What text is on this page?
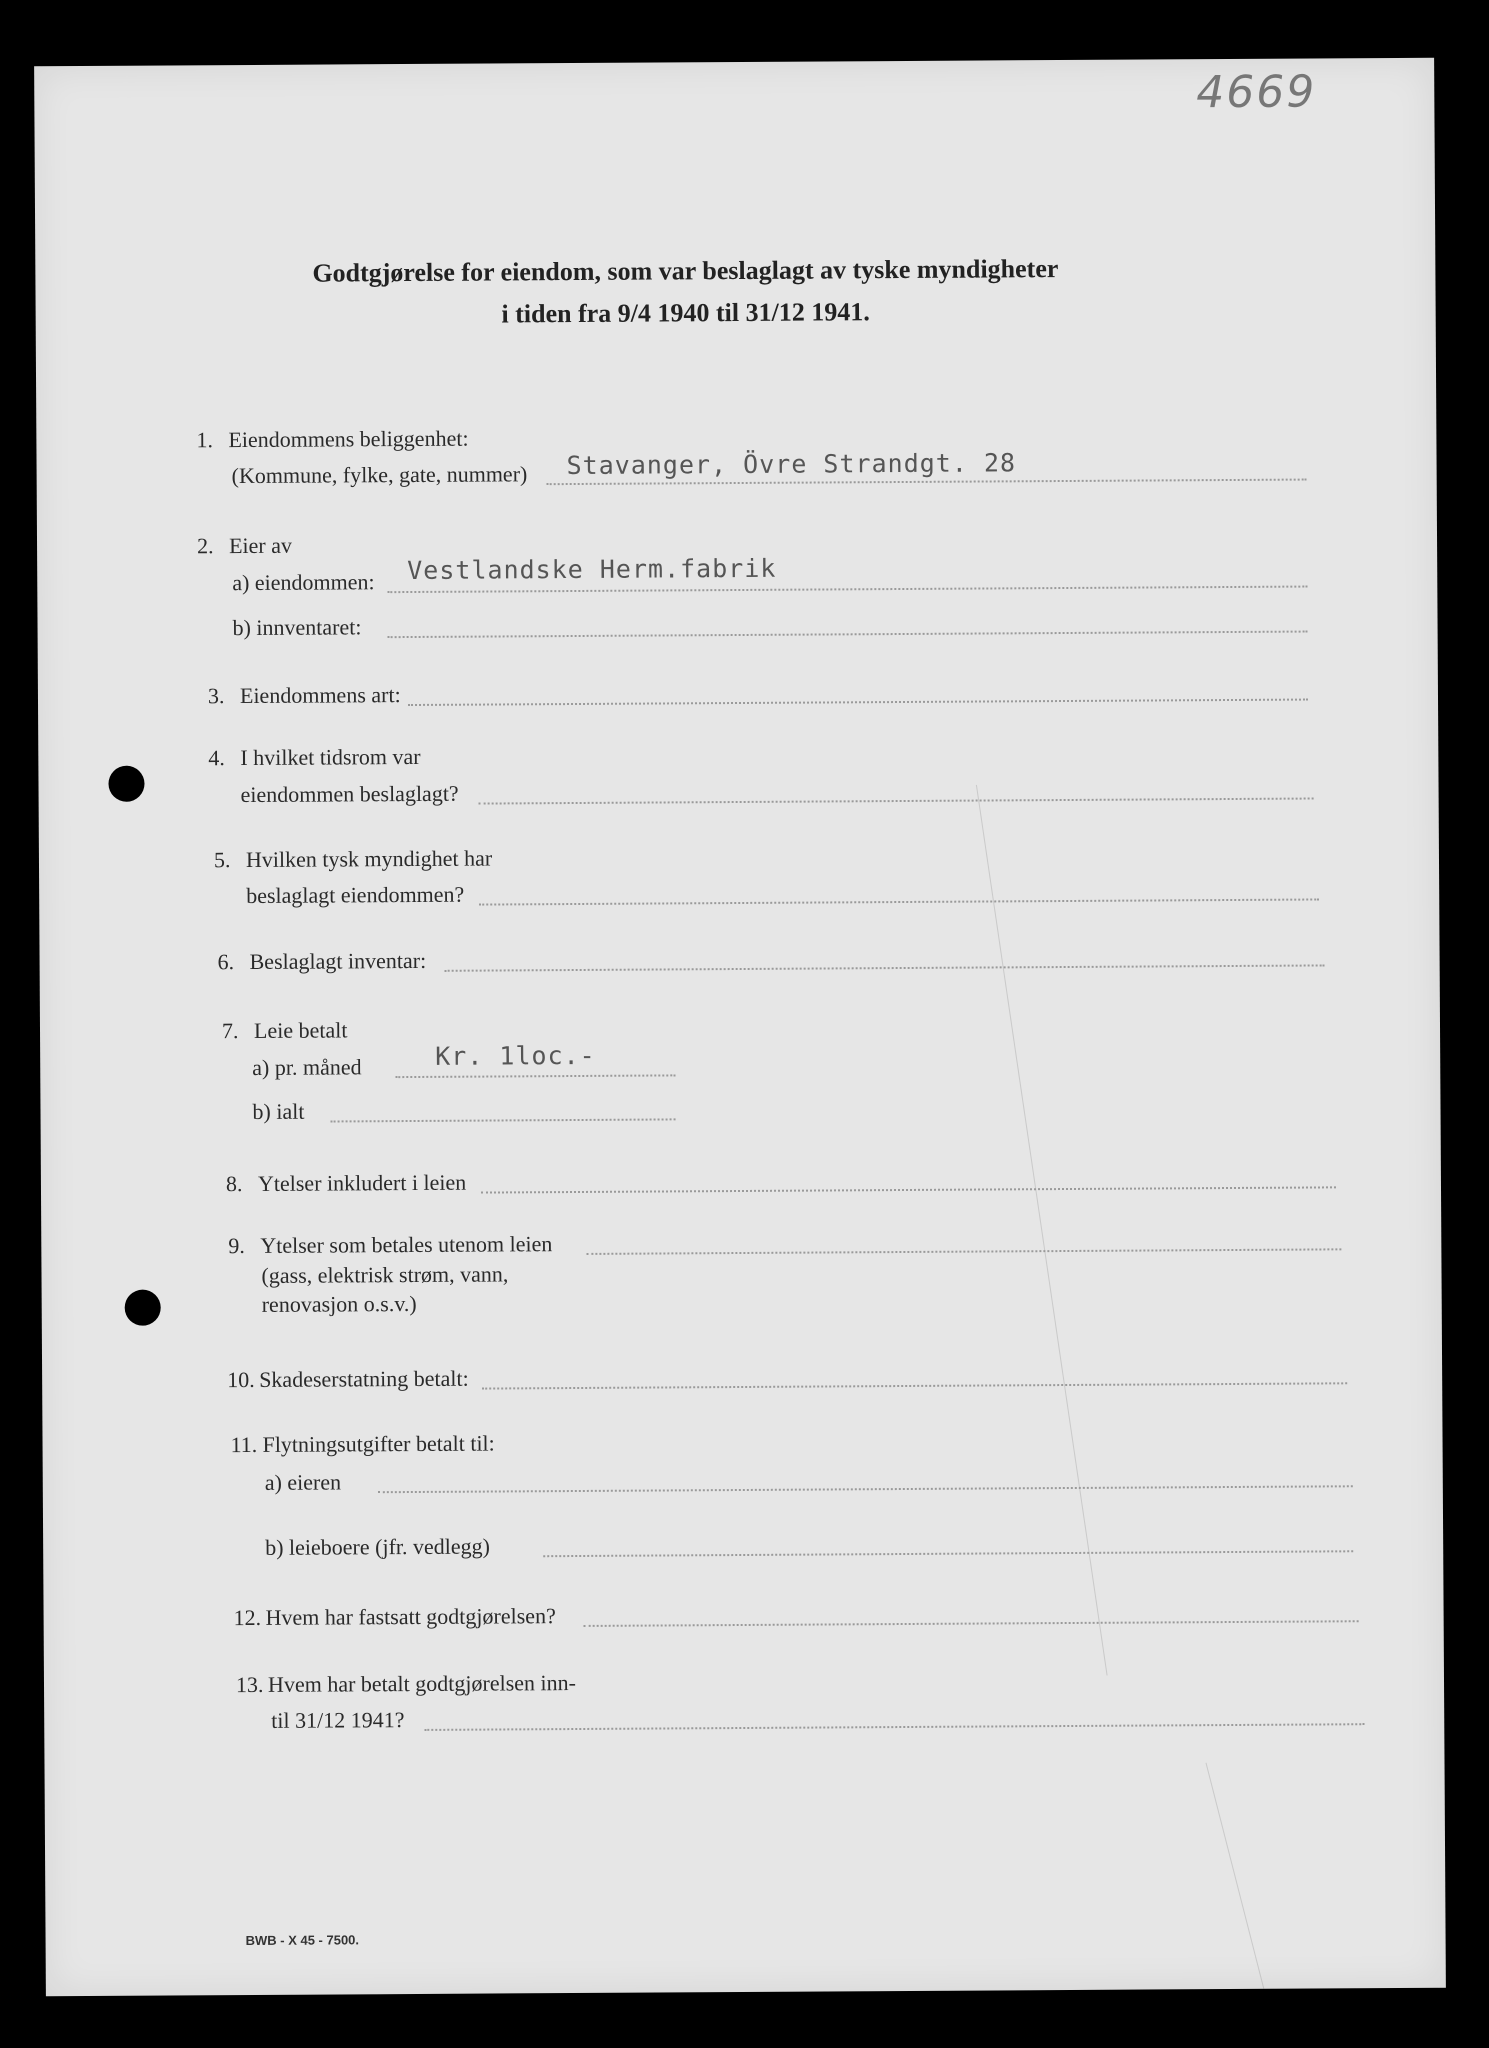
4669
Godtgjørelse for eiendom, som var beslaglagt av tyske myndigheter
i tiden fra 9/4 1940 til 31/12 1941.
1. Eiendommens beliggenhet:
(Kommune, fylke, gate, nummer) Stavanger, Övre Strandgt. 28
2. Eier av
a) eiendommen: Vestlandske Herm.fabrik
b) innventaret:
3. Eiendommens art:
4. I hvilket tidsrom var
eiendommen beslaglagt?
5. Hvilken tysk myndighet har
beslaglagt eiendommen?
6. Beslaglagt inventar:
7. Leie betalt
a) pr. måned	Kr. 1loc.-
b) ialt
8. Ytelser inkludert i leien
9. Ytelser som betales utenom leien
(gass, elektrisk strøm, vann,
renovasjon o.s.v.)
10. Skadeserstatning betalt:
11. Flytningsutgifter betalt til:
a) eieren
b) leieboere (jfr. vedlegg)
12. Hvem har fastsatt godtgjørelsen?
13. Hvem har betalt godtgjørelsen inn-
til 31/12 1941?
BWB - X 45 - 7500.
